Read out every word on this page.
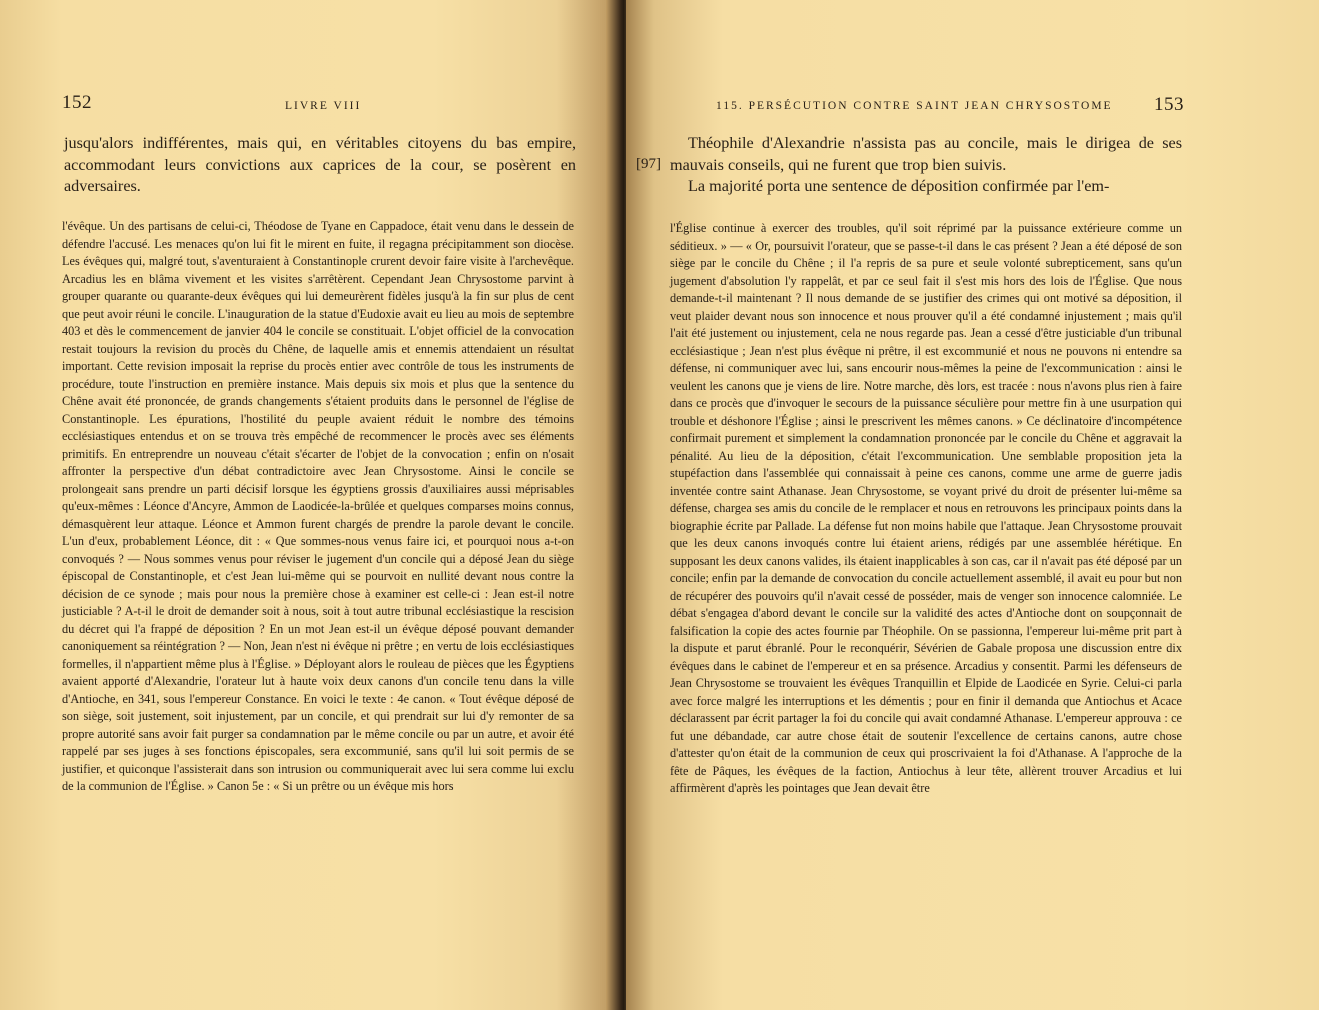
152	LIVRE VIII

jusqu'alors indifférentes, mais qui, en véritables citoyens du bas empire, accommodant leurs convictions aux caprices de la cour, se posèrent en adversaires.

l'évêque. Un des partisans de celui-ci, Théodose de Tyane en Cappadoce, était venu dans le dessein de défendre l'accusé. Les menaces qu'on lui fit le mirent en fuite, il regagna précipitamment son diocèse. Les évêques qui, malgré tout, s'aventuraient à Constantinople crurent devoir faire visite à l'archevêque. Arcadius les en blâma vivement et les visites s'arrêtèrent. Cependant Jean Chrysostome parvint à grouper quarante ou quarante-deux évêques qui lui demeurèrent fidèles jusqu'à la fin sur plus de cent que peut avoir réuni le concile. L'inauguration de la statue d'Eudoxie avait eu lieu au mois de septembre 403 et dès le commencement de janvier 404 le concile se constituait. L'objet officiel de la convocation restait toujours la revision du procès du Chêne, de laquelle amis et ennemis attendaient un résultat important. Cette revision imposait la reprise du procès entier avec contrôle de tous les instruments de procédure, toute l'instruction en première instance. Mais depuis six mois et plus que la sentence du Chêne avait été prononcée, de grands changements s'étaient produits dans le personnel de l'église de Constantinople. Les épurations, l'hostilité du peuple avaient réduit le nombre des témoins ecclésiastiques entendus et on se trouva très empêché de recommencer le procès avec ses éléments primitifs. En entreprendre un nouveau c'était s'écarter de l'objet de la convocation ; enfin on n'osait affronter la perspective d'un débat contradictoire avec Jean Chrysostome. Ainsi le concile se prolongeait sans prendre un parti décisif lorsque les égyptiens grossis d'auxiliaires aussi méprisables qu'eux-mêmes : Léonce d'Ancyre, Ammon de Laodicée-la-brûlée et quelques comparses moins connus, démasquèrent leur attaque. Léonce et Ammon furent chargés de prendre la parole devant le concile. L'un d'eux, probablement Léonce, dit : « Que sommes-nous venus faire ici, et pourquoi nous a-t-on convoqués ? — Nous sommes venus pour réviser le jugement d'un concile qui a déposé Jean du siège épiscopal de Constantinople, et c'est Jean lui-même qui se pourvoit en nullité devant nous contre la décision de ce synode ; mais pour nous la première chose à examiner est celle-ci : Jean est-il notre justiciable ? A-t-il le droit de demander soit à nous, soit à tout autre tribunal ecclésiastique la rescision du décret qui l'a frappé de déposition ? En un mot Jean est-il un évêque déposé pouvant demander canoniquement sa réintégration ? — Non, Jean n'est ni évêque ni prêtre ; en vertu de lois ecclésiastiques formelles, il n'appartient même plus à l'Église. » Déployant alors le rouleau de pièces que les Égyptiens avaient apporté d'Alexandrie, l'orateur lut à haute voix deux canons d'un concile tenu dans la ville d'Antioche, en 341, sous l'empereur Constance. En voici le texte : 4e canon. « Tout évêque déposé de son siège, soit justement, soit injustement, par un concile, et qui prendrait sur lui d'y remonter de sa propre autorité sans avoir fait purger sa condamnation par le même concile ou par un autre, et avoir été rappelé par ses juges à ses fonctions épiscopales, sera excommunié, sans qu'il lui soit permis de se justifier, et quiconque l'assisterait dans son intrusion ou communiquerait avec lui sera comme lui exclu de la communion de l'Église. » Canon 5e : « Si un prêtre ou un évêque mis hors

115. PERSÉCUTION CONTRE SAINT JEAN CHRYSOSTOME 153

Théophile d'Alexandrie n'assista pas au concile, mais le dirigea de ses mauvais conseils, qui ne furent que trop bien suivis.

La majorité porta une sentence de déposition confirmée par l'em-

l'Église continue à exercer des troubles, qu'il soit réprimé par la puissance extérieure comme un séditieux. » — « Or, poursuivit l'orateur, que se passe-t-il dans le cas présent ? Jean a été déposé de son siège par le concile du Chêne ; il l'a repris de sa pure et seule volonté subrepticement, sans qu'un jugement d'absolution l'y rappelât, et par ce seul fait il s'est mis hors des lois de l'Église. Que nous demande-t-il maintenant ? Il nous demande de se justifier des crimes qui ont motivé sa déposition, il veut plaider devant nous son innocence et nous prouver qu'il a été condamné injustement ; mais qu'il l'ait été justement ou injustement, cela ne nous regarde pas. Jean a cessé d'être justiciable d'un tribunal ecclésiastique ; Jean n'est plus évêque ni prêtre, il est excommunié et nous ne pouvons ni entendre sa défense, ni communiquer avec lui, sans encourir nous-mêmes la peine de l'excommunication : ainsi le veulent les canons que je viens de lire. Notre marche, dès lors, est tracée : nous n'avons plus rien à faire dans ce procès que d'invoquer le secours de la puissance séculière pour mettre fin à une usurpation qui trouble et déshonore l'Église ; ainsi le prescrivent les mêmes canons. » Ce déclinatoire d'incompétence confirmait purement et simplement la condamnation prononcée par le concile du Chêne et aggravait la pénalité. Au lieu de la déposition, c'était l'excommunication. Une semblable proposition jeta la stupéfaction dans l'assemblée qui connaissait à peine ces canons, comme une arme de guerre jadis inventée contre saint Athanase. Jean Chrysostome, se voyant privé du droit de présenter lui-même sa défense, chargea ses amis du concile de le remplacer et nous en retrouvons les principaux points dans la biographie écrite par Pallade. La défense fut non moins habile que l'attaque. Jean Chrysostome prouvait que les deux canons invoqués contre lui étaient ariens, rédigés par une assemblée hérétique. En supposant les deux canons valides, ils étaient inapplicables à son cas, car il n'avait pas été déposé par un concile; enfin par la demande de convocation du concile actuellement assemblé, il avait eu pour but non de récupérer des pouvoirs qu'il n'avait cessé de posséder, mais de venger son innocence calomniée. Le débat s'engagea d'abord devant le concile sur la validité des actes d'Antioche dont on soupçonnait de falsification la copie des actes fournie par Théophile. On se passionna, l'empereur lui-même prit part à la dispute et parut ébranlé. Pour le reconquérir, Sévérien de Gabale proposa une discussion entre dix évêques dans le cabinet de l'empereur et en sa présence. Arcadius y consentit. Parmi les défenseurs de Jean Chrysostome se trouvaient les évêques Tranquillin et Elpide de Laodicée en Syrie. Celui-ci parla avec force malgré les interruptions et les démentis ; pour en finir il demanda que Antiochus et Acace déclarassent par écrit partager la foi du concile qui avait condamné Athanase. L'empereur approuva : ce fut une débandade, car autre chose était de soutenir l'excellence de certains canons, autre chose d'attester qu'on était de la communion de ceux qui proscrivaient la foi d'Athanase. A l'approche de la fête de Pâques, les évêques de la faction, Antiochus à leur tête, allèrent trouver Arcadius et lui affirmèrent d'après les pointages que Jean devait être

[97]
